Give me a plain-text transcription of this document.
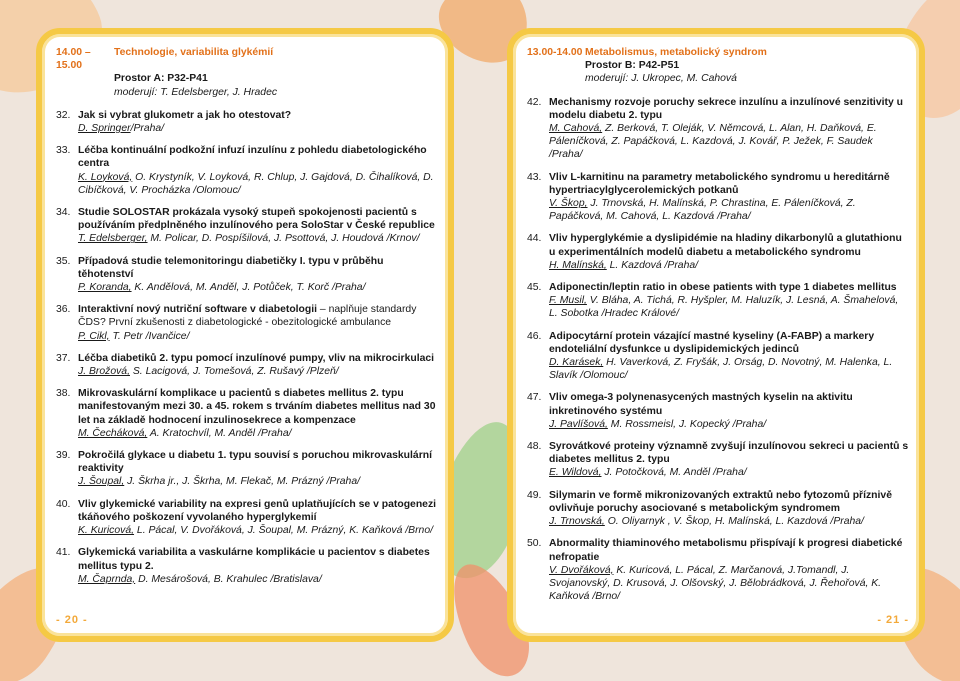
14.00 – 15.00
Technologie, variabilita glykémií
Prostor A: P32-P41
moderují: T. Edelsberger, J. Hradec
32. Jak si vybrat glukometr a jak ho otestovat?
D. Springer/Praha/
33. Léčba kontinuální podkožní infuzí inzulínu z pohledu diabetologického centra
K. Loyková, O. Krystyník, V. Loyková, R. Chlup, J. Gajdová, D. Čihalíková, D. Cibíčková, V. Procházka /Olomouc/
34. Studie SOLOSTAR prokázala vysoký stupeň spokojenosti pacientů s používáním předplněného inzulínového pera SoloStar v České republice
T. Edelsberger, M. Policar, D. Pospíšilová, J. Psottová, J. Houdová /Krnov/
35. Případová studie telemonitoringu diabetičky I. typu v průběhu těhotenství
P. Koranda, K. Andělová, M. Anděl, J. Potůček, T. Korč /Praha/
36. Interaktivní nový nutriční software v diabetologii – naplňuje standardy ČDS? První zkušenosti z diabetologické - obezitologické ambulance
P. Cikl, T. Petr /Ivančice/
37. Léčba diabetiků 2. typu pomocí inzulínové pumpy, vliv na mikrocirkulaci
J. Brožová, S. Lacigová, J. Tomešová, Z. Rušavý /Plzeň/
38. Mikrovaskulární komplikace u pacientů s diabetes mellitus 2. typu manifestovaným mezi 30. a 45. rokem s trváním diabetes mellitus nad 30 let na základě hodnocení inzulinosekrece a kompenzace
M. Čecháková, A. Kratochvíl, M. Anděl /Praha/
39. Pokročilá glykace u diabetu 1. typu souvisí s poruchou mikrovaskulární reaktivity
J. Šoupal, J. Škrha jr., J. Škrha, M. Flekač, M. Prázný /Praha/
40. Vliv glykemické variability na expresi genů uplatňujících se v patogenezi tkáňového poškození vyvolaného hyperglykemií
K. Kuricová, L. Pácal, V. Dvořáková, J. Šoupal, M. Prázný, K. Kaňková /Brno/
41. Glykemická variabilita a vaskulárne komplikácie u pacientov s diabetes mellitus typu 2.
M. Čaprnda, D. Mesárošová, B. Krahulec /Bratislava/
- 20 -
13.00-14.00 Metabolismus, metabolický syndrom
Prostor B: P42-P51
moderují: J. Ukropec, M. Cahová
42. Mechanismy rozvoje poruchy sekrece inzulínu a inzulínové senzitivity u modelu diabetu 2. typu
M. Cahová, Z. Berková, T. Oleják, V. Němcová, L. Alan, H. Daňková, E. Páleníčková, Z. Papáčková, L. Kazdová, J. Kovář, P. Ježek, F. Saudek /Praha/
43. Vliv L-karnitinu na parametry metabolického syndromu u hereditárně hypertriacylglycerolemických potkanů
V. Škop, J. Trnovská, H. Malínská, P. Chrastina, E. Páleníčková, Z. Papáčková, M. Cahová, L. Kazdová /Praha/
44. Vliv hyperglykémie a dyslipidémie na hladiny dikarbonylů a glutathionu u experimentálních modelů diabetu a metabolického syndromu
H. Malínská, L. Kazdová /Praha/
45. Adiponectin/leptin ratio in obese patients with type 1 diabetes mellitus
F. Musil, V. Bláha, A. Tichá, R. Hyšpler, M. Haluzík, J. Lesná, A. Šmahelová, L. Sobotka /Hradec Králové/
46. Adipocytární protein vázající mastné kyseliny (A-FABP) a markery endoteliální dysfunkce u dyslipidemických jedinců
D. Karásek, H. Vaverková, Z. Fryšák, J. Orság, D. Novotný, M. Halenka, L. Slavík /Olomouc/
47. Vliv omega-3 polynenasycených mastných kyselin na aktivitu inkretinového systému
J. Pavlíšová, M. Rossmeisl, J. Kopecký /Praha/
48. Syrovátkové proteiny významně zvyšují inzulínovou sekreci u pacientů s diabetes mellitus 2. typu
E. Wildová, J. Potočková, M. Anděl /Praha/
49. Silymarin ve formě mikronizovaných extraktů nebo fytozomů příznivě ovlivňuje poruchy asociované s metabolickým syndromem
J. Trnovská, O. Oliyarnyk , V. Škop, H. Malínská, L. Kazdová /Praha/
50. Abnormality thiaminového metabolismu přispívají k progresi diabetické nefropatie
V. Dvořáková, K. Kuricová, L. Pácal, Z. Marčanová, J.Tomandl, J. Svojanovský, D. Krusová, J. Olšovský, J. Bělobrádková, J. Řehořová, K. Kaňková /Brno/
- 21 -
